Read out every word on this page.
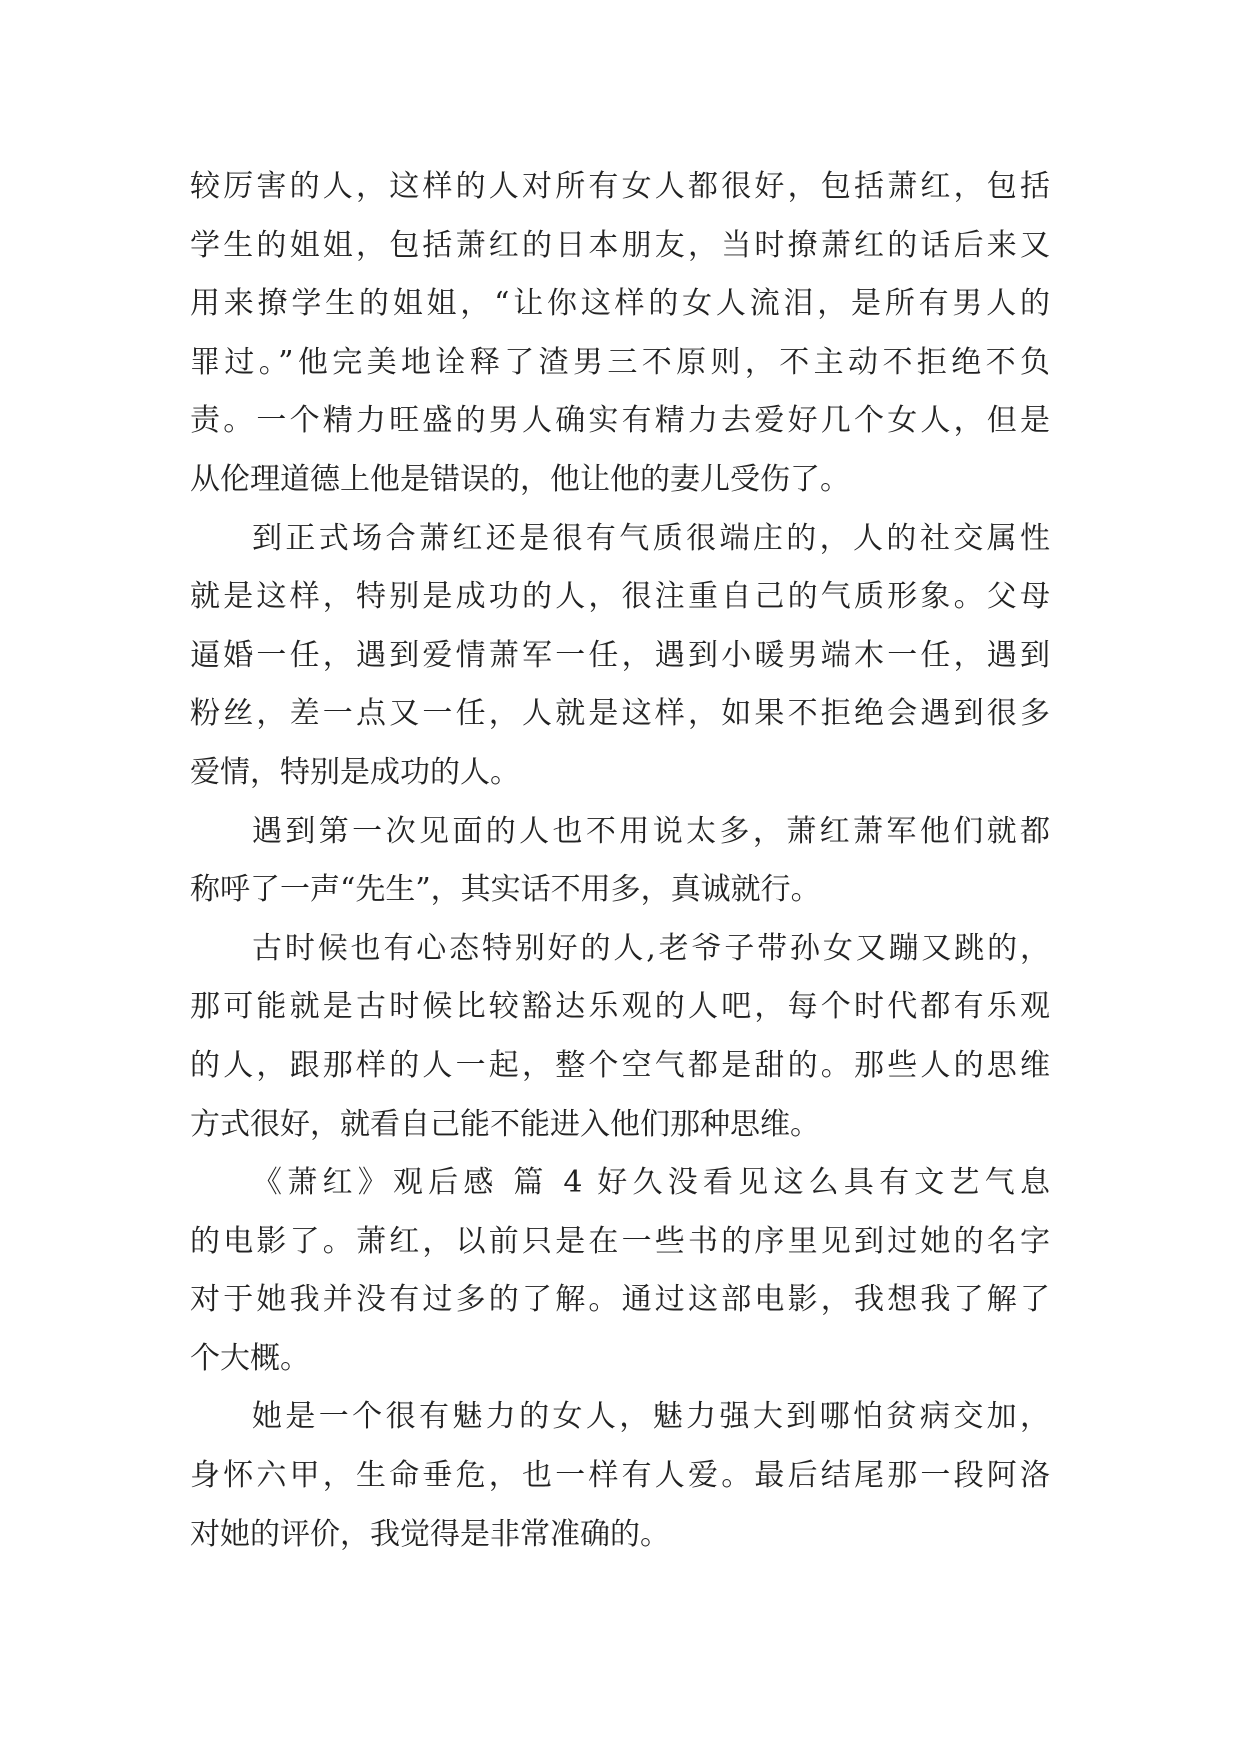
较厉害的人，这样的人对所有女人都很好，包括萧红，包括
学生的姐姐，包括萧红的日本朋友，当时撩萧红的话后来又
用来撩学生的姐姐，“让你这样的女人流泪，是所有男人的
罪过。”他完美地诠释了渣男三不原则，不主动不拒绝不负
责。一个精力旺盛的男人确实有精力去爱好几个女人，但是
从伦理道德上他是错误的，他让他的妻儿受伤了。
到正式场合萧红还是很有气质很端庄的，人的社交属性
就是这样，特别是成功的人，很注重自己的气质形象。父母
逼婚一任，遇到爱情萧军一任，遇到小暖男端木一任，遇到
粉丝，差一点又一任，人就是这样，如果不拒绝会遇到很多
爱情，特别是成功的人。
遇到第一次见面的人也不用说太多，萧红萧军他们就都
称呼了一声“先生”，其实话不用多，真诚就行。
古时候也有心态特别好的人,老爷子带孙女又蹦又跳的，
那可能就是古时候比较豁达乐观的人吧，每个时代都有乐观
的人，跟那样的人一起，整个空气都是甜的。那些人的思维
方式很好，就看自己能不能进入他们那种思维。
《萧红》观后感 篇 4 好久没看见这么具有文艺气息
的电影了。萧红，以前只是在一些书的序里见到过她的名字
对于她我并没有过多的了解。通过这部电影，我想我了解了
个大概。
她是一个很有魅力的女人，魅力强大到哪怕贫病交加，
身怀六甲，生命垂危，也一样有人爱。最后结尾那一段阿洛
对她的评价，我觉得是非常准确的。
